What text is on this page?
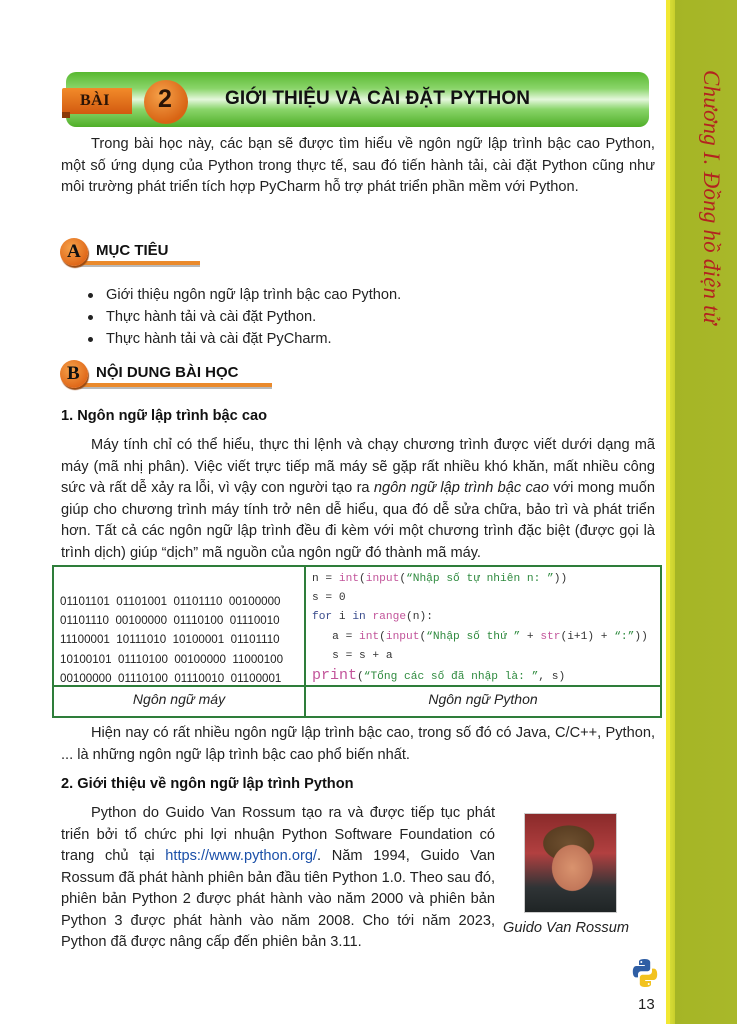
Chương I. Đồng hồ điện tử
BÀI 2	GIỚI THIỆU VÀ CÀI ĐẶT PYTHON

Trong bài học này, các bạn sẽ được tìm hiểu về ngôn ngữ lập trình bậc cao Python, một số ứng dụng của Python trong thực tế, sau đó tiến hành tải, cài đặt Python cũng như môi trường phát triển tích hợp PyCharm hỗ trợ phát triển phần mềm với Python.

A MỤC TIÊU
Giới thiệu ngôn ngữ lập trình bậc cao Python.
Thực hành tải và cài đặt Python.
Thực hành tải và cài đặt PyCharm.
B NỘI DUNG BÀI HỌC
1. Ngôn ngữ lập trình bậc cao

Máy tính chỉ có thể hiểu, thực thi lệnh và chạy chương trình được viết dưới dạng mã máy (mã nhị phân). Việc viết trực tiếp mã máy sẽ gặp rất nhiều khó khăn, mất nhiều công sức và rất dễ xảy ra lỗi, vì vậy con người tạo ra ngôn ngữ lập trình bậc cao với mong muốn giúp cho chương trình máy tính trở nên dễ hiểu, qua đó dễ sửa chữa, bảo trì và phát triển hơn. Tất cả các ngôn ngữ lập trình đều đi kèm với một chương trình đặc biệt (được gọi là trình dịch) giúp “dịch” mã nguồn của ngôn ngữ đó thành mã máy.

01101101  01101001  01101110  00100000
01101110  00100000  01110100  01110010
11100001  10111010  10100001  01101110
10100101  01110100  00100000  11000100
00100000  01110100  01110010  01100001
n = int(input(“Nhập số tự nhiên n: ”))
s = 0
for i in range(n):
a = int(input(“Nhập số thứ ” + str(i+1) + “:”))
s = s + a
print(“Tổng các số đã nhập là: ”, s)
Ngôn ngữ máy	Ngôn ngữ Python

Hiện nay có rất nhiều ngôn ngữ lập trình bậc cao, trong số đó có Java, C/C++, Python, ... là những ngôn ngữ lập trình bậc cao phổ biến nhất.

2. Giới thiệu về ngôn ngữ lập trình Python

Python do Guido Van Rossum tạo ra và được tiếp tục phát triển bởi tổ chức phi lợi nhuận Python Software Foundation có trang chủ tại https://www.python.org/. Năm 1994, Guido Van Rossum đã phát hành phiên bản đầu tiên Python 1.0. Theo sau đó, phiên bản Python 2 được phát hành vào năm 2000 và phiên bản Python 3 được phát hành vào năm 2008. Cho tới năm 2023, Python đã được nâng cấp đến phiên bản 3.11.

Guido Van Rossum
13
